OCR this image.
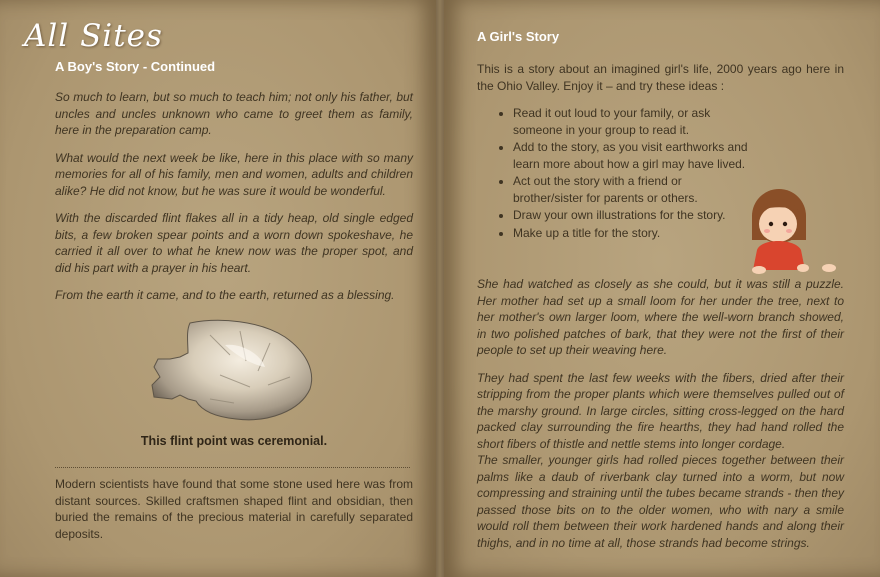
All Sites
A Boy's Story - Continued

So much to learn, but so much to teach him; not only his father, but uncles and uncles unknown who came to greet them as family, here in the preparation camp.

What would the next week be like, here in this place with so many memories for all of his family, men and women, adults and children alike? He did not know, but he was sure it would be wonderful.

With the discarded flint flakes all in a tidy heap, old single edged bits, a few broken spear points and a worn down spokeshave, he carried it all over to what he knew now was the proper spot, and did his part with a prayer in his heart.

From the earth it came, and to the earth, returned as a blessing.

This flint point was ceremonial.

Modern scientists have found that some stone used here was from distant sources. Skilled craftsmen shaped flint and obsidian, then buried the remains of the precious material in carefully separated deposits.

A Girl's Story

This is a story about an imagined girl's life, 2000 years ago here in the Ohio Valley. Enjoy it – and try these ideas :

• Read it out loud to your family, or ask someone in your group to read it.
• Add to the story, as you visit earthworks and learn more about how a girl may have lived.
• Act out the story with a friend or brother/sister for parents or others.
• Draw your own illustrations for the story.
• Make up a title for the story.

She had watched as closely as she could, but it was still a puzzle. Her mother had set up a small loom for her under the tree, next to her mother's own larger loom, where the well-worn branch showed, in two polished patches of bark, that they were not the first of their people to set up their weaving here.

They had spent the last few weeks with the fibers, dried after their stripping from the proper plants which were themselves pulled out of the marshy ground. In large circles, sitting cross-legged on the hard packed clay surrounding the fire hearths, they had hand rolled the short fibers of thistle and nettle stems into longer cordage.

The smaller, younger girls had rolled pieces together between their palms like a daub of riverbank clay turned into a worm, but now compressing and straining until the tubes became strands - then they passed those bits on to the older women, who with nary a smile would roll them between their work hardened hands and along their thighs, and in no time at all, those strands had become strings.
